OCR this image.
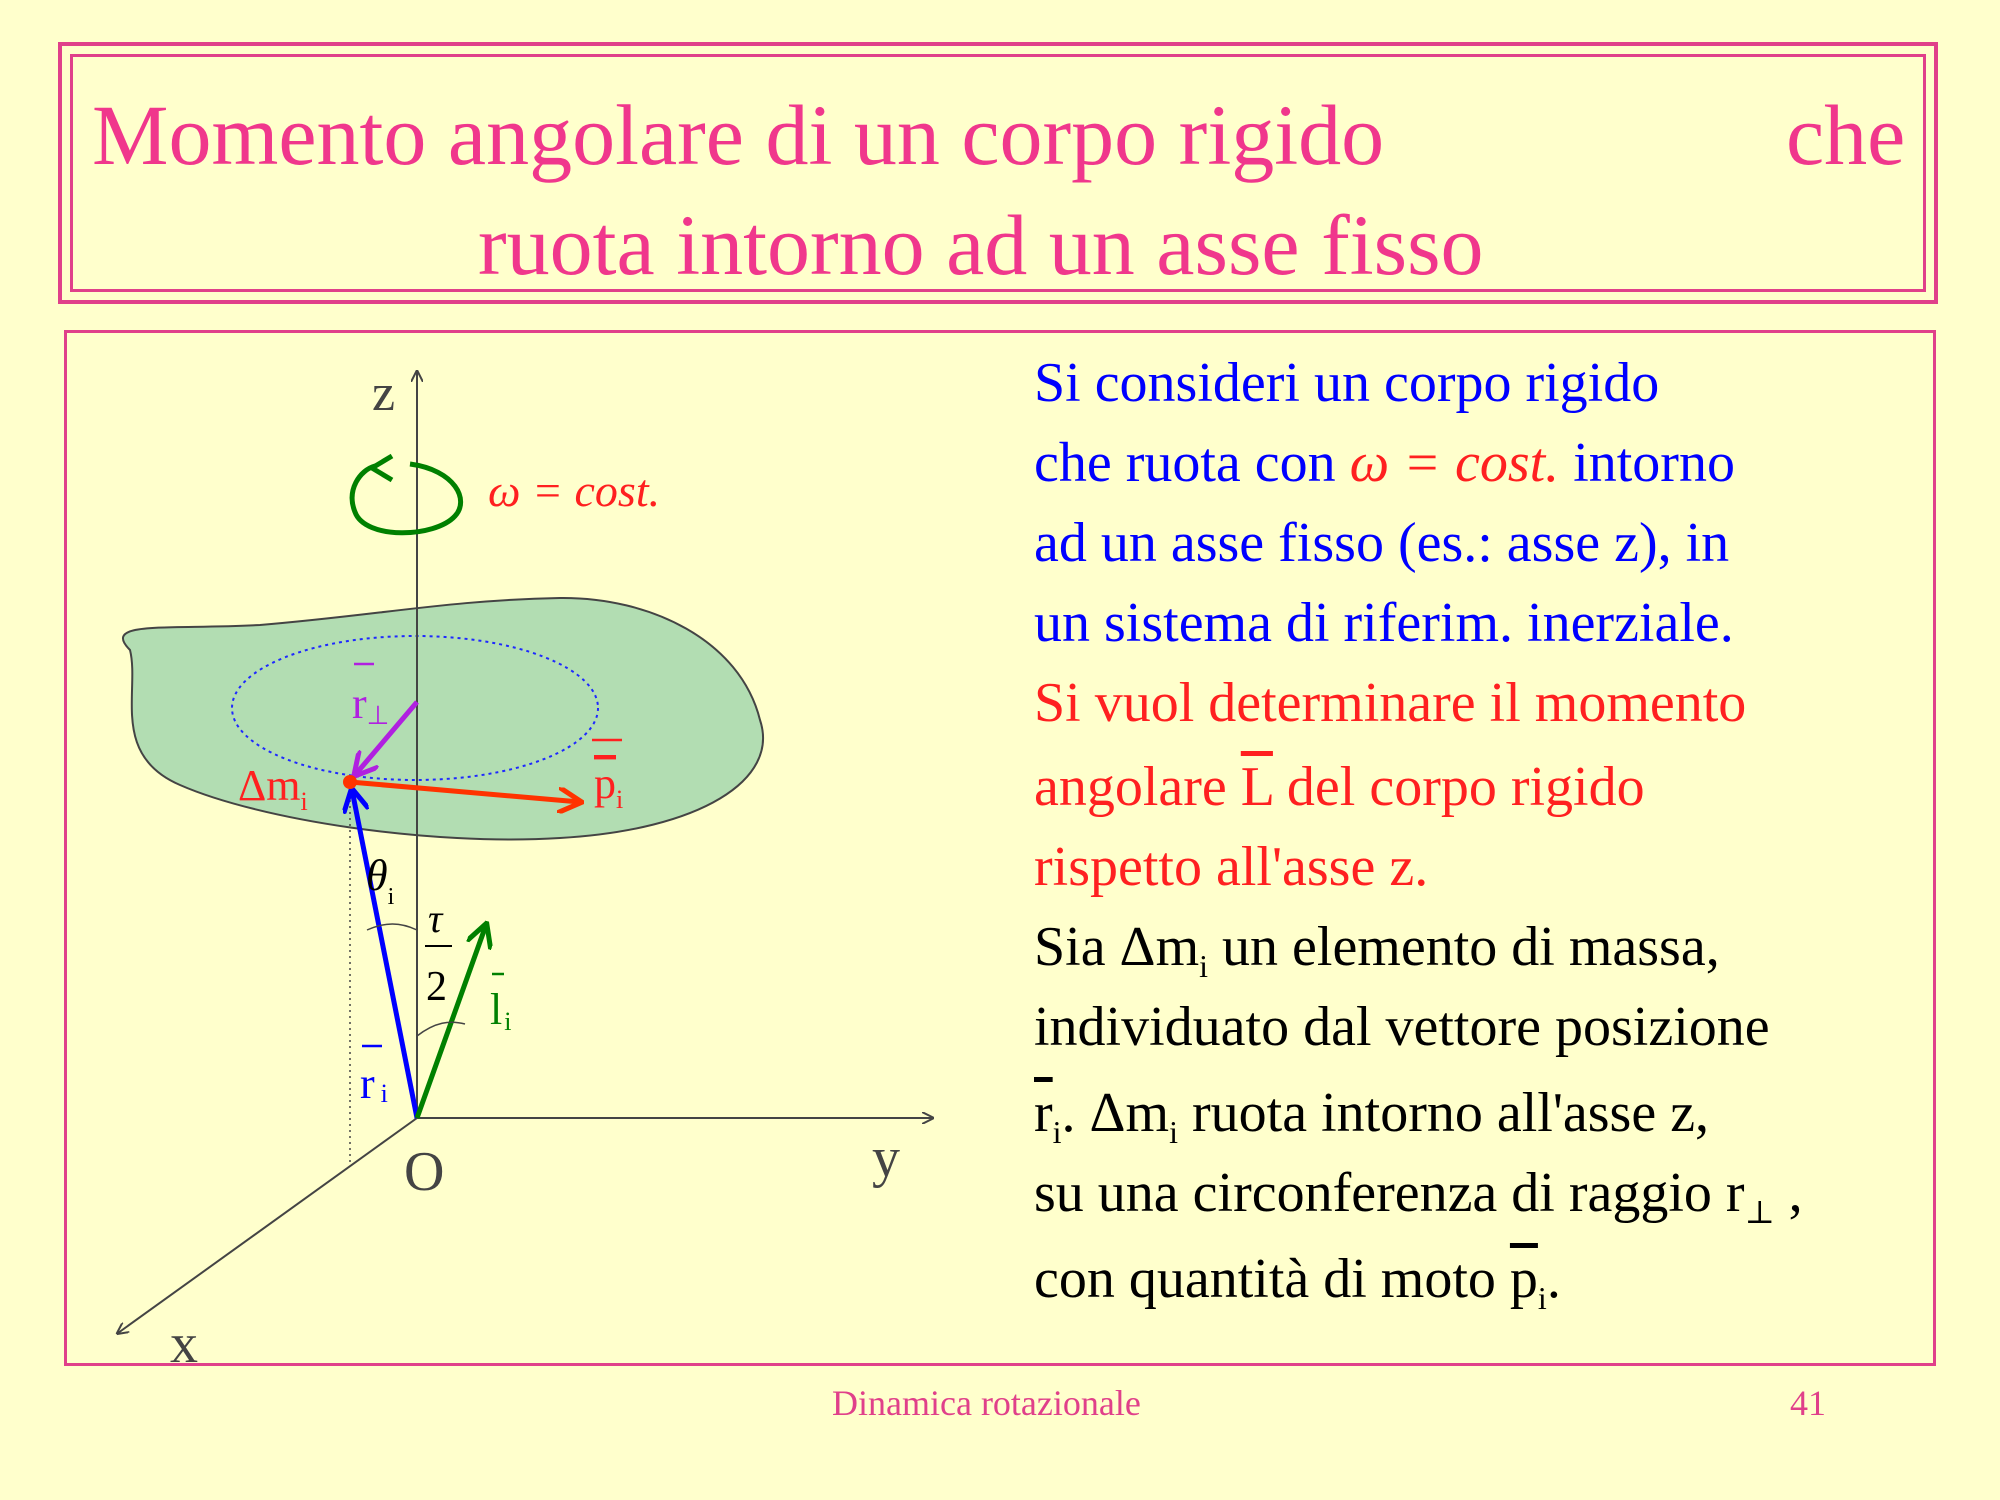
Momento angolare di un corpo rigido	che
ruota intorno ad un asse fisso
z
y
x
O
ω = cost.
$\Delta m_i$	$p_i$
r⊥
ri
$\theta_i$ τ
2 li
Si consideri un corpo rigido
che ruota con ω = cost. intorno
ad un asse fisso (es.: asse z), in
un sistema di riferim. inerziale.
Si vuol determinare il momento
angolare $\overline{L}$ del corpo rigido
rispetto all'asse z.
Sia $\Delta m_i$ un elemento di massa,
individuato dal vettore posizione
$\overline{r}_i$. $\Delta m_i$ ruota intorno all'asse z,
su una circonferenza di raggio $r_\perp$ ,
con quantità di moto $\overline{p}_i$.
Dinamica rotazionale	41
